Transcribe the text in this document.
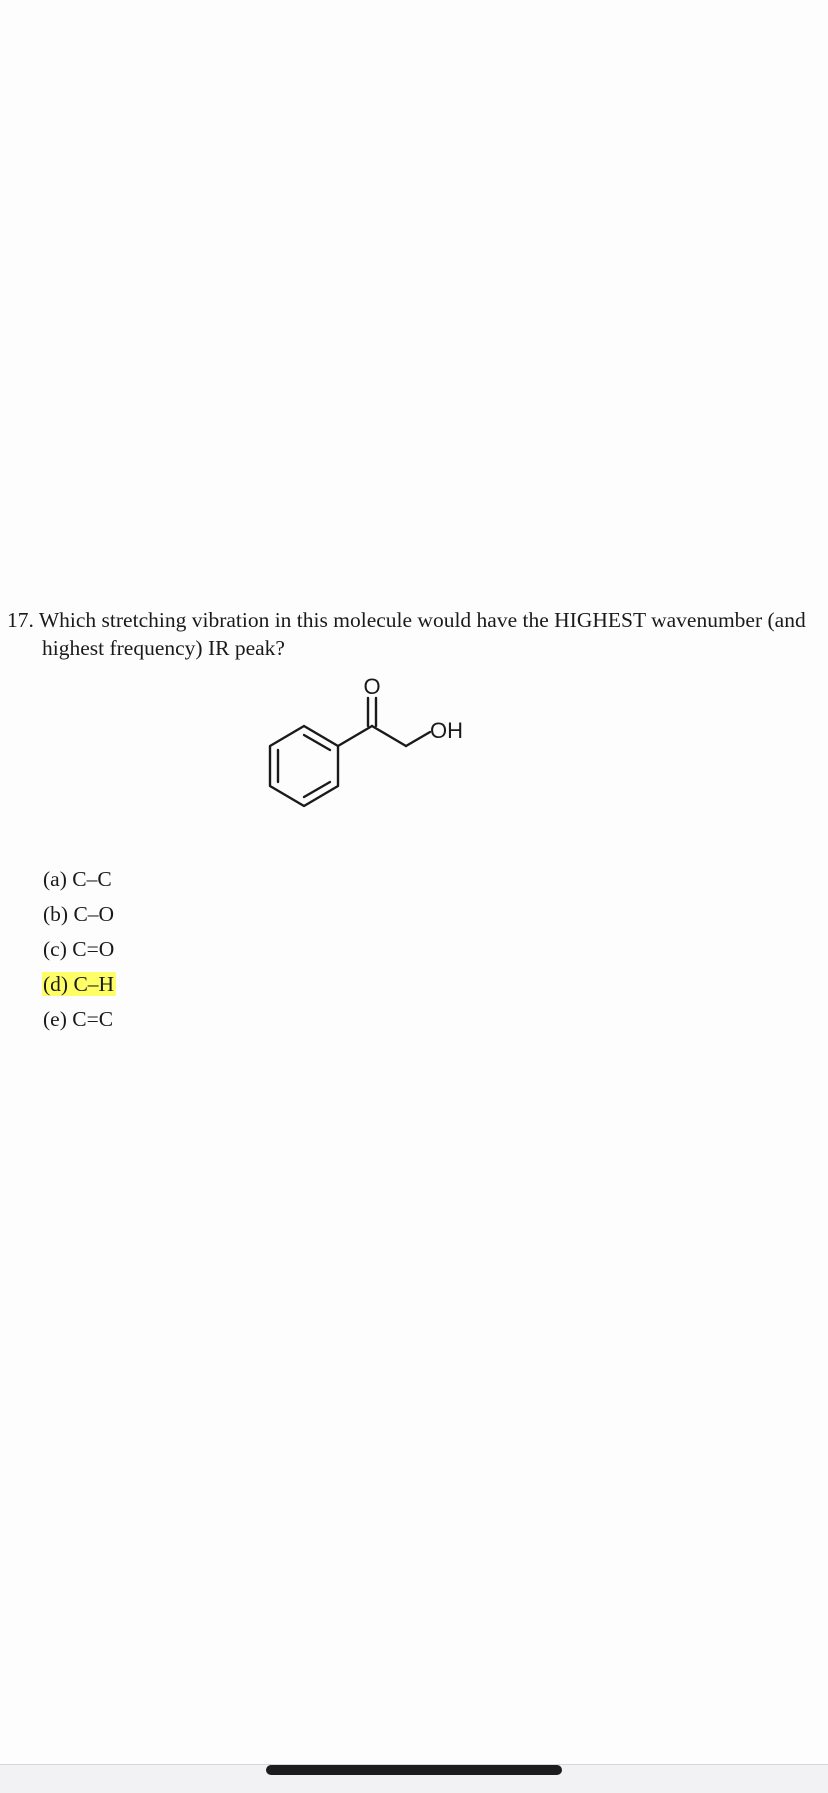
17. Which stretching vibration in this molecule would have the HIGHEST wavenumber (and
highest frequency) IR peak?
O
OH
(a) C–C
(b) C–O
(c) C=O
(d) C–H
(e) C=C
